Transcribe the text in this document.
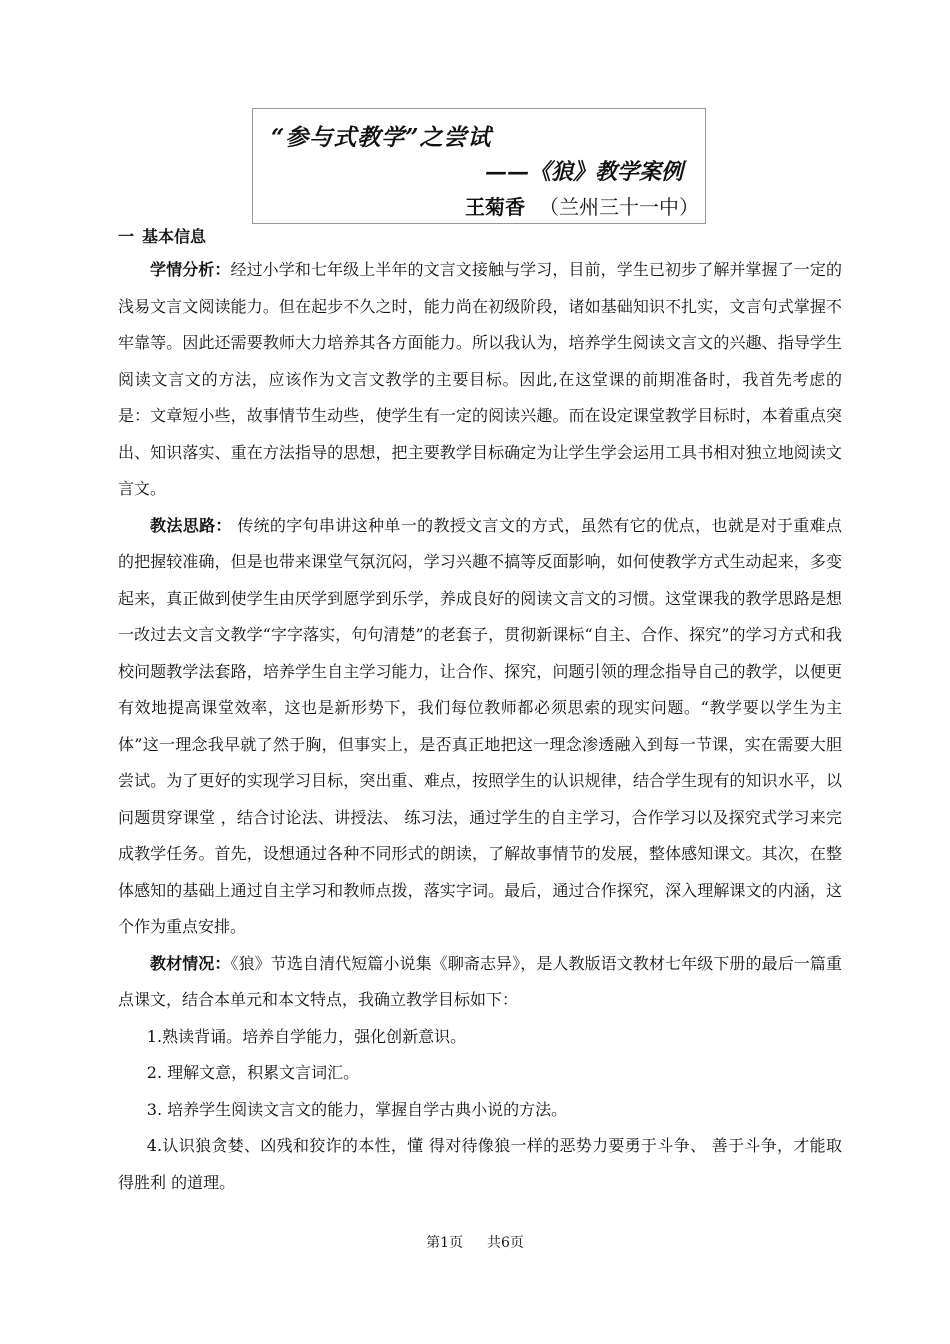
“参与式教学”之尝试
——《狼》教学案例
王菊香 （兰州三十一中）
一 基本信息

学情分析：经过小学和七年级上半年的文言文接触与学习，目前，学生已初步了解并掌握了一定的浅易文言文阅读能力。但在起步不久之时，能力尚在初级阶段，诸如基础知识不扎实，文言句式掌握不牢靠等。因此还需要教师大力培养其各方面能力。所以我认为，培养学生阅读文言文的兴趣、指导学生阅读文言文的方法，应该作为文言文教学的主要目标。因此,在这堂课的前期准备时，我首先考虑的是：文章短小些，故事情节生动些，使学生有一定的阅读兴趣。而在设定课堂教学目标时，本着重点突出、知识落实、重在方法指导的思想，把主要教学目标确定为让学生学会运用工具书相对独立地阅读文言文。

教法思路： 传统的字句串讲这种单一的教授文言文的方式，虽然有它的优点，也就是对于重难点的把握较准确，但是也带来课堂气氛沉闷，学习兴趣不搞等反面影响，如何使教学方式生动起来，多变起来，真正做到使学生由厌学到愿学到乐学，养成良好的阅读文言文的习惯。这堂课我的教学思路是想一改过去文言文教学“字字落实，句句清楚”的老套子，贯彻新课标“自主、合作、探究”的学习方式和我校问题教学法套路，培养学生自主学习能力，让合作、探究，问题引领的理念指导自己的教学，以便更有效地提高课堂效率，这也是新形势下，我们每位教师都必须思索的现实问题。“教学要以学生为主体”这一理念我早就了然于胸，但事实上，是否真正地把这一理念渗透融入到每一节课，实在需要大胆尝试。为了更好的实现学习目标，突出重、难点，按照学生的认识规律，结合学生现有的知识水平，以问题贯穿课堂 ，结合讨论法、讲授法、 练习法，通过学生的自主学习，合作学习以及探究式学习来完成教学任务。首先，设想通过各种不同形式的朗读，了解故事情节的发展，整体感知课文。其次，在整体感知的基础上通过自主学习和教师点拨，落实字词。最后，通过合作探究，深入理解课文的内涵，这个作为重点安排。

教材情况：《狼》节选自清代短篇小说集《聊斋志异》，是人教版语文教材七年级下册的最后一篇重点课文，结合本单元和本文特点，我确立教学目标如下：

1.熟读背诵。培养自学能力，强化创新意识。

2. 理解文意，积累文言词汇。

3. 培养学生阅读文言文的能力，掌握自学古典小说的方法。

4.认识狼贪婪、凶残和狡诈的本性，懂 得对待像狼一样的恶势力要勇于斗争、 善于斗争，才能取得胜利 的道理。

第1页 共6页
